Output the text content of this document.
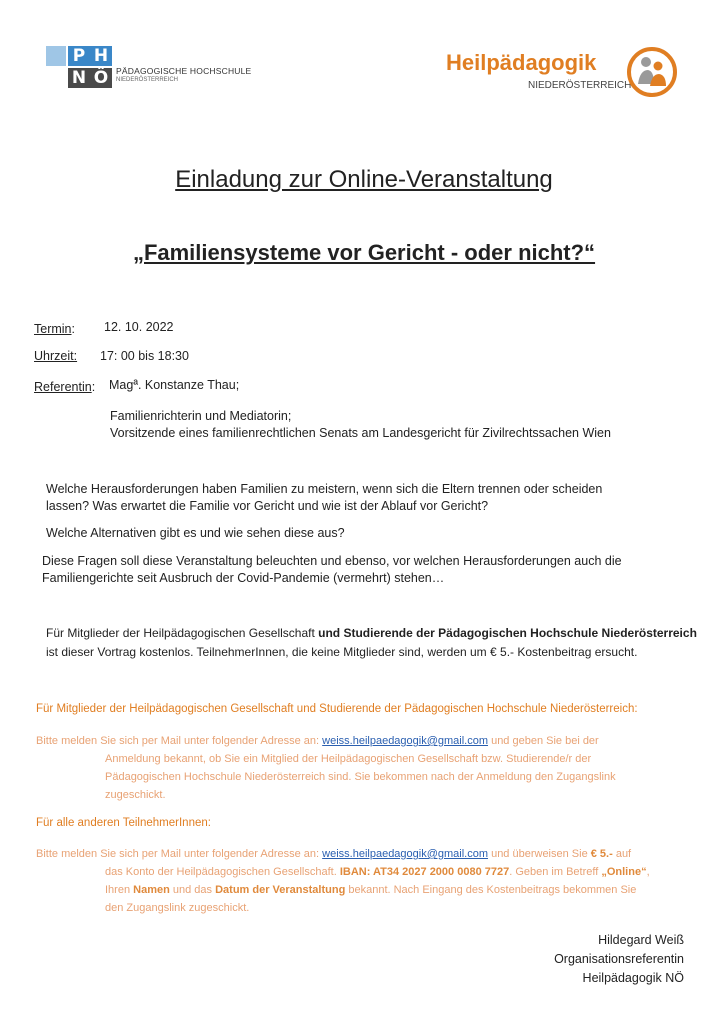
P H
N Ö PÄDAGOGISCHE HOCHSCHULE
NIEDERÖSTERREICH
Heilpädagogik
NIEDERÖSTERREICH
Einladung zur Online-Veranstaltung
„Familiensysteme vor Gericht - oder nicht?“
Termin: 12. 10. 2022
Uhrzeit: 17: 00 bis 18:30
Referentin: Magª. Konstanze Thau;
Familienrichterin und Mediatorin;
Vorsitzende eines familienrechtlichen Senats am Landesgericht für Zivilrechtssachen Wien
Welche Herausforderungen haben Familien zu meistern, wenn sich die Eltern trennen oder scheiden
lassen? Was erwartet die Familie vor Gericht und wie ist der Ablauf vor Gericht?
Welche Alternativen gibt es und wie sehen diese aus?
Diese Fragen soll diese Veranstaltung beleuchten und ebenso, vor welchen Herausforderungen auch die
Familiengerichte seit Ausbruch der Covid-Pandemie (vermehrt) stehen…
Für Mitglieder der Heilpädagogischen Gesellschaft und Studierende der Pädagogischen Hochschule Niederösterreich
ist dieser Vortrag kostenlos. TeilnehmerInnen, die keine Mitglieder sind, werden um € 5.- Kostenbeitrag ersucht.
Für Mitglieder der Heilpädagogischen Gesellschaft und Studierende der Pädagogischen Hochschule Niederösterreich:
Bitte melden Sie sich per Mail unter folgender Adresse an: weiss.heilpaedagogik@gmail.com und geben Sie bei der
Anmeldung bekannt, ob Sie ein Mitglied der Heilpädagogischen Gesellschaft bzw. Studierende/r der
Pädagogischen Hochschule Niederösterreich sind. Sie bekommen nach der Anmeldung den Zugangslink
zugeschickt.
Für alle anderen TeilnehmerInnen:
Bitte melden Sie sich per Mail unter folgender Adresse an: weiss.heilpaedagogik@gmail.com und überweisen Sie € 5.- auf
das Konto der Heilpädagogischen Gesellschaft. IBAN: AT34 2027 2000 0080 7727. Geben im Betreff „Online“,
Ihren Namen und das Datum der Veranstaltung bekannt. Nach Eingang des Kostenbeitrags bekommen Sie
den Zugangslink zugeschickt.
Hildegard Weiß
Organisationsreferentin
Heilpädagogik NÖ
